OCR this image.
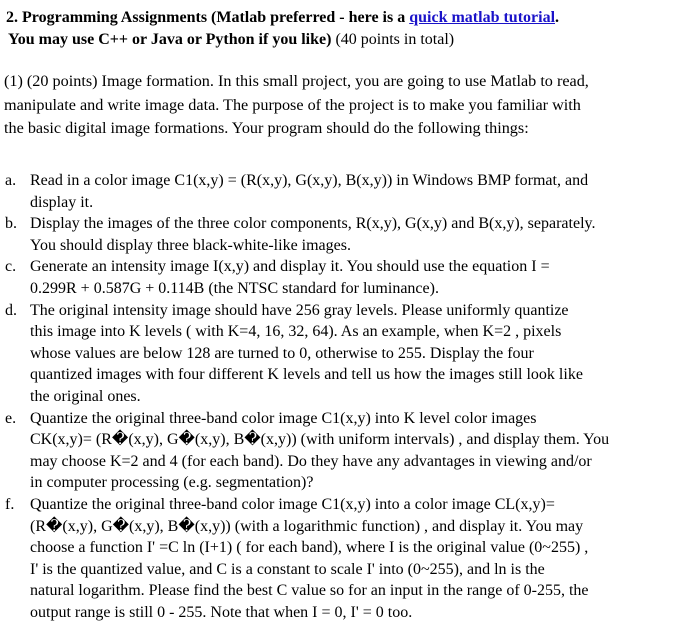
2. Programming Assignments (Matlab preferred - here is a quick matlab tutorial.
You may use C++ or Java or Python if you like) (40 points in total)
(1) (20 points) Image formation. In this small project, you are going to use Matlab to read,
manipulate and write image data. The purpose of the project is to make you familiar with
the basic digital image formations. Your program should do the following things:
a. Read in a color image C1(x,y) = (R(x,y), G(x,y), B(x,y)) in Windows BMP format, and
display it.
b. Display the images of the three color components, R(x,y), G(x,y) and B(x,y), separately.
You should display three black-white-like images.
c. Generate an intensity image I(x,y) and display it. You should use the equation I =
0.299R + 0.587G + 0.114B (the NTSC standard for luminance).
d. The original intensity image should have 256 gray levels. Please uniformly quantize
this image into K levels ( with K=4, 16, 32, 64). As an example, when K=2 , pixels
whose values are below 128 are turned to 0, otherwise to 255. Display the four
quantized images with four different K levels and tell us how the images still look like
the original ones.
e. Quantize the original three-band color image C1(x,y) into K level color images
CK(x,y)= (R�(x,y), G�(x,y), B�(x,y)) (with uniform intervals) , and display them. You
may choose K=2 and 4 (for each band). Do they have any advantages in viewing and/or
in computer processing (e.g. segmentation)?
f. Quantize the original three-band color image C1(x,y) into a color image CL(x,y)=
(R�(x,y), G�(x,y), B�(x,y)) (with a logarithmic function) , and display it. You may
choose a function I' =C ln (I+1) ( for each band), where I is the original value (0~255) ,
I' is the quantized value, and C is a constant to scale I' into (0~255), and ln is the
natural logarithm. Please find the best C value so for an input in the range of 0-255, the
output range is still 0 - 255. Note that when I = 0, I' = 0 too.
